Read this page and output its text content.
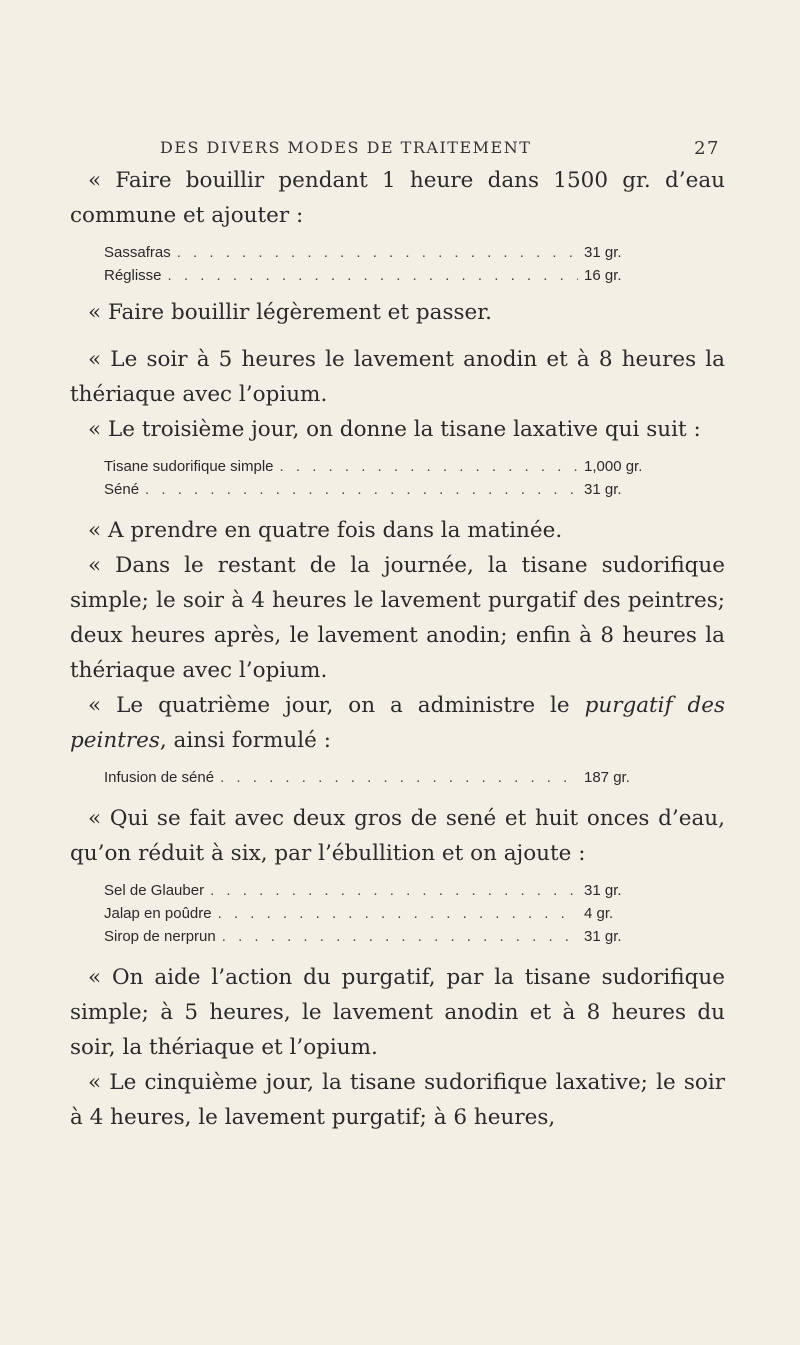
DES DIVERS MODES DE TRAITEMENT	27

« Faire bouillir pendant 1 heure dans 1500 gr. d’eau commune et ajouter :

Sassafras . . .	31 gr.
Réglisse . . .	16 gr.

« Faire bouillir légèrement et passer.

« Le soir à 5 heures le lavement anodin et à 8 heures la thériaque avec l’opium.

« Le troisième jour, on donne la tisane laxative qui suit :

Tisane sudorifique simple . . .	1,000 gr.
Séné . . .	31 gr.

« A prendre en quatre fois dans la matinée.

« Dans le restant de la journée, la tisane sudorifique simple; le soir à 4 heures le lavement purgatif des peintres; deux heures après, le lavement anodin; enfin à 8 heures la thériaque avec l’opium.

« Le quatrième jour, on a administre le purgatif des peintres, ainsi formulé :

Infusion de séné . . .	187 gr.

« Qui se fait avec deux gros de sené et huit onces d’eau, qu’on réduit à six, par l’ébullition et on ajoute :

Sel de Glauber . . .	31 gr.
Jalap en poûdre . . .	4 gr.
Sirop de nerprun . . .	31 gr.

« On aide l’action du purgatif, par la tisane sudorifique simple; à 5 heures, le lavement anodin et à 8 heures du soir, la thériaque et l’opium.

« Le cinquième jour, la tisane sudorifique laxative; le soir à 4 heures, le lavement purgatif; à 6 heures,
